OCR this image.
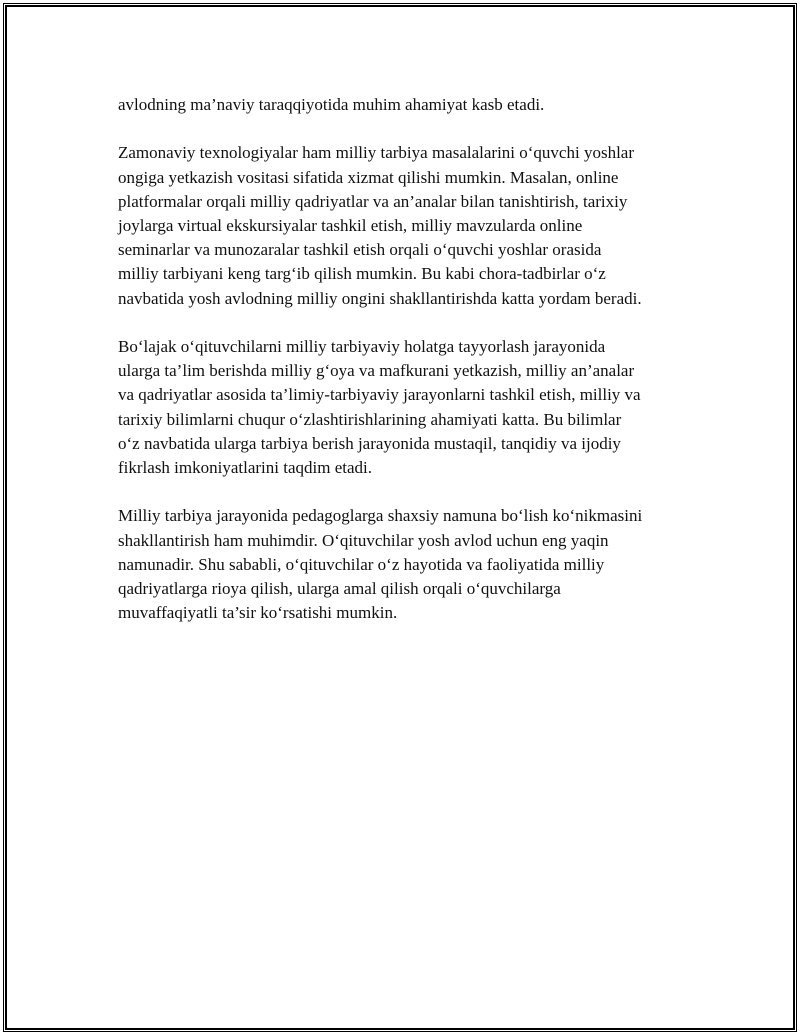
avlodning ma’naviy taraqqiyotida muhim ahamiyat kasb etadi.

Zamonaviy texnologiyalar ham milliy tarbiya masalalarini o‘quvchi yoshlar
ongiga yetkazish vositasi sifatida xizmat qilishi mumkin. Masalan, online
platformalar orqali milliy qadriyatlar va an’analar bilan tanishtirish, tarixiy
joylarga virtual ekskursiyalar tashkil etish, milliy mavzularda online
seminarlar va munozaralar tashkil etish orqali o‘quvchi yoshlar orasida
milliy tarbiyani keng targ‘ib qilish mumkin. Bu kabi chora-tadbirlar o‘z
navbatida yosh avlodning milliy ongini shakllantirishda katta yordam beradi.

Bo‘lajak o‘qituvchilarni milliy tarbiyaviy holatga tayyorlash jarayonida
ularga ta’lim berishda milliy g‘oya va mafkurani yetkazish, milliy an’analar
va qadriyatlar asosida ta’limiy-tarbiyaviy jarayonlarni tashkil etish, milliy va
tarixiy bilimlarni chuqur o‘zlashtirishlarining ahamiyati katta. Bu bilimlar
o‘z navbatida ularga tarbiya berish jarayonida mustaqil, tanqidiy va ijodiy
fikrlash imkoniyatlarini taqdim etadi.

Milliy tarbiya jarayonida pedagoglarga shaxsiy namuna bo‘lish ko‘nikmasini
shakllantirish ham muhimdir. O‘qituvchilar yosh avlod uchun eng yaqin
namunadir. Shu sababli, o‘qituvchilar o‘z hayotida va faoliyatida milliy
qadriyatlarga rioya qilish, ularga amal qilish orqali o‘quvchilarga
muvaffaqiyatli ta’sir ko‘rsatishi mumkin.
